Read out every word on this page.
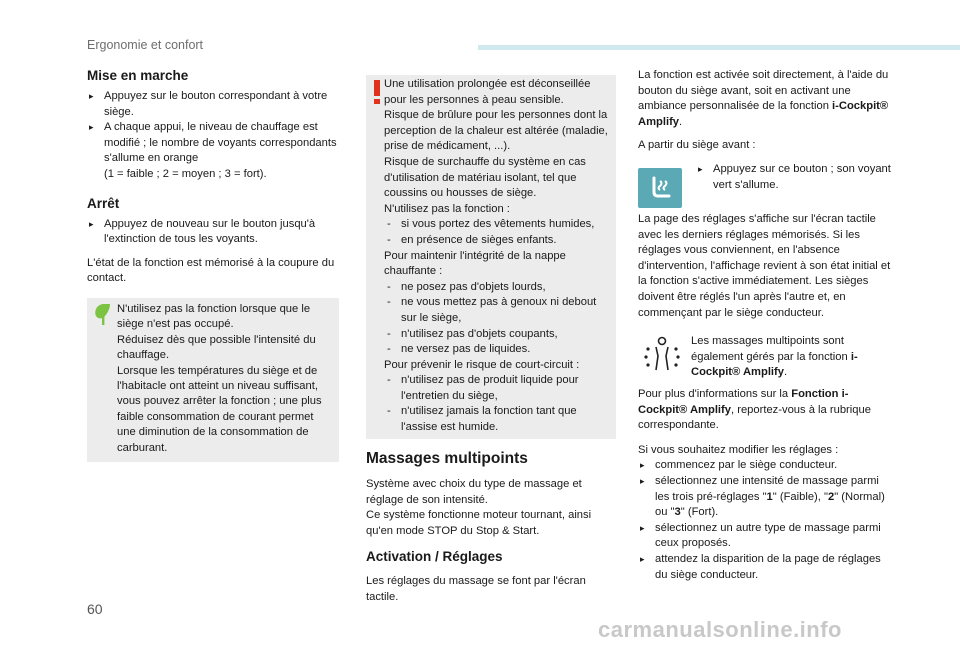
Ergonomie et confort
Mise en marche

▸ Appuyez sur le bouton correspondant à votre siège.

▸ A chaque appui, le niveau de chauffage est modifié ; le nombre de voyants correspondants s'allume en orange
(1 = faible ; 2 = moyen ; 3 = fort).

Arrêt

▸ Appuyez de nouveau sur le bouton jusqu'à l'extinction de tous les voyants.

L'état de la fonction est mémorisé à la coupure du contact.

N'utilisez pas la fonction lorsque que le siège n'est pas occupé.

Réduisez dès que possible l'intensité du chauffage.

Lorsque les températures du siège et de l'habitacle ont atteint un niveau suffisant, vous pouvez arrêter la fonction ; une plus faible consommation de courant permet une diminution de la consommation de carburant.

Une utilisation prolongée est déconseillée pour les personnes à peau sensible.

Risque de brûlure pour les personnes dont la perception de la chaleur est altérée (maladie, prise de médicament, ...).

Risque de surchauffe du système en cas d'utilisation de matériau isolant, tel que coussins ou housses de siège.

N'utilisez pas la fonction :

- si vous portez des vêtements humides,

- en présence de sièges enfants.

Pour maintenir l'intégrité de la nappe chauffante :

- ne posez pas d'objets lourds,

- ne vous mettez pas à genoux ni debout sur le siège,

- n'utilisez pas d'objets coupants,

- ne versez pas de liquides.

Pour prévenir le risque de court-circuit :

- n'utilisez pas de produit liquide pour l'entretien du siège,

- n'utilisez jamais la fonction tant que l'assise est humide.

Massages multipoints

Système avec choix du type de massage et réglage de son intensité.

Ce système fonctionne moteur tournant, ainsi qu'en mode STOP du Stop & Start.

Activation / Réglages

Les réglages du massage se font par l'écran tactile.

La fonction est activée soit directement, à l'aide du bouton du siège avant, soit en activant une ambiance personnalisée de la fonction i-Cockpit® Amplify.

A partir du siège avant :

▸ Appuyez sur ce bouton ; son voyant vert s'allume.

La page des réglages s'affiche sur l'écran tactile avec les derniers réglages mémorisés. Si les réglages vous conviennent, en l'absence d'intervention, l'affichage revient à son état initial et la fonction s'active immédiatement. Les sièges doivent être réglés l'un après l'autre et, en commençant par le siège conducteur.

Les massages multipoints sont également gérés par la fonction i-Cockpit® Amplify.

Pour plus d'informations sur la Fonction i-Cockpit® Amplify, reportez-vous à la rubrique correspondante.

Si vous souhaitez modifier les réglages :

▸ commencez par le siège conducteur.

▸ sélectionnez une intensité de massage parmi les trois pré-réglages "1" (Faible), "2" (Normal) ou "3" (Fort).

▸ sélectionnez un autre type de massage parmi ceux proposés.

▸ attendez la disparition de la page de réglages du siège conducteur.

60
carmanualsonline.info
